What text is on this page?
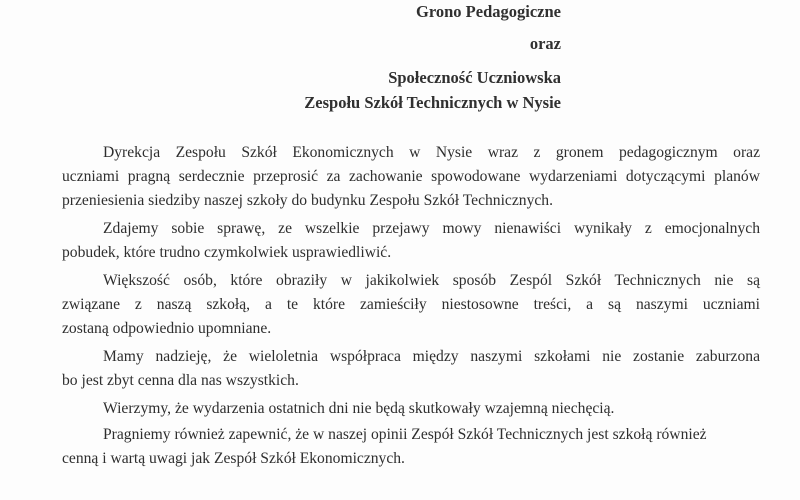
Grono Pedagogiczne
oraz
Społeczność Uczniowska
Zespołu Szkół Technicznych w Nysie
Dyrekcja Zespołu Szkół Ekonomicznych w Nysie wraz z gronem pedagogicznym oraz
uczniami pragną serdecznie przeprosić za zachowanie spowodowane wydarzeniami dotyczącymi planów
przeniesienia siedziby naszej szkoły do budynku Zespołu Szkół Technicznych.
Zdajemy sobie sprawę, ze wszelkie przejawy mowy nienawiści wynikały z emocjonalnych
pobudek, które trudno czymkolwiek usprawiedliwić.
Większość osób, które obraziły w jakikolwiek sposób Zespól Szkół Technicznych nie są
związane z naszą szkołą, a te które zamieściły niestosowne treści, a są naszymi uczniami
zostaną odpowiednio upomniane.
Mamy nadzieję, że wieloletnia współpraca między naszymi szkołami nie zostanie zaburzona
bo jest zbyt cenna dla nas wszystkich.
Wierzymy, że wydarzenia ostatnich dni nie będą skutkowały wzajemną niechęcią.
Pragniemy również zapewnić, że w naszej opinii Zespół Szkół Technicznych jest szkołą również
cenną i wartą uwagi jak Zespół Szkół Ekonomicznych.
